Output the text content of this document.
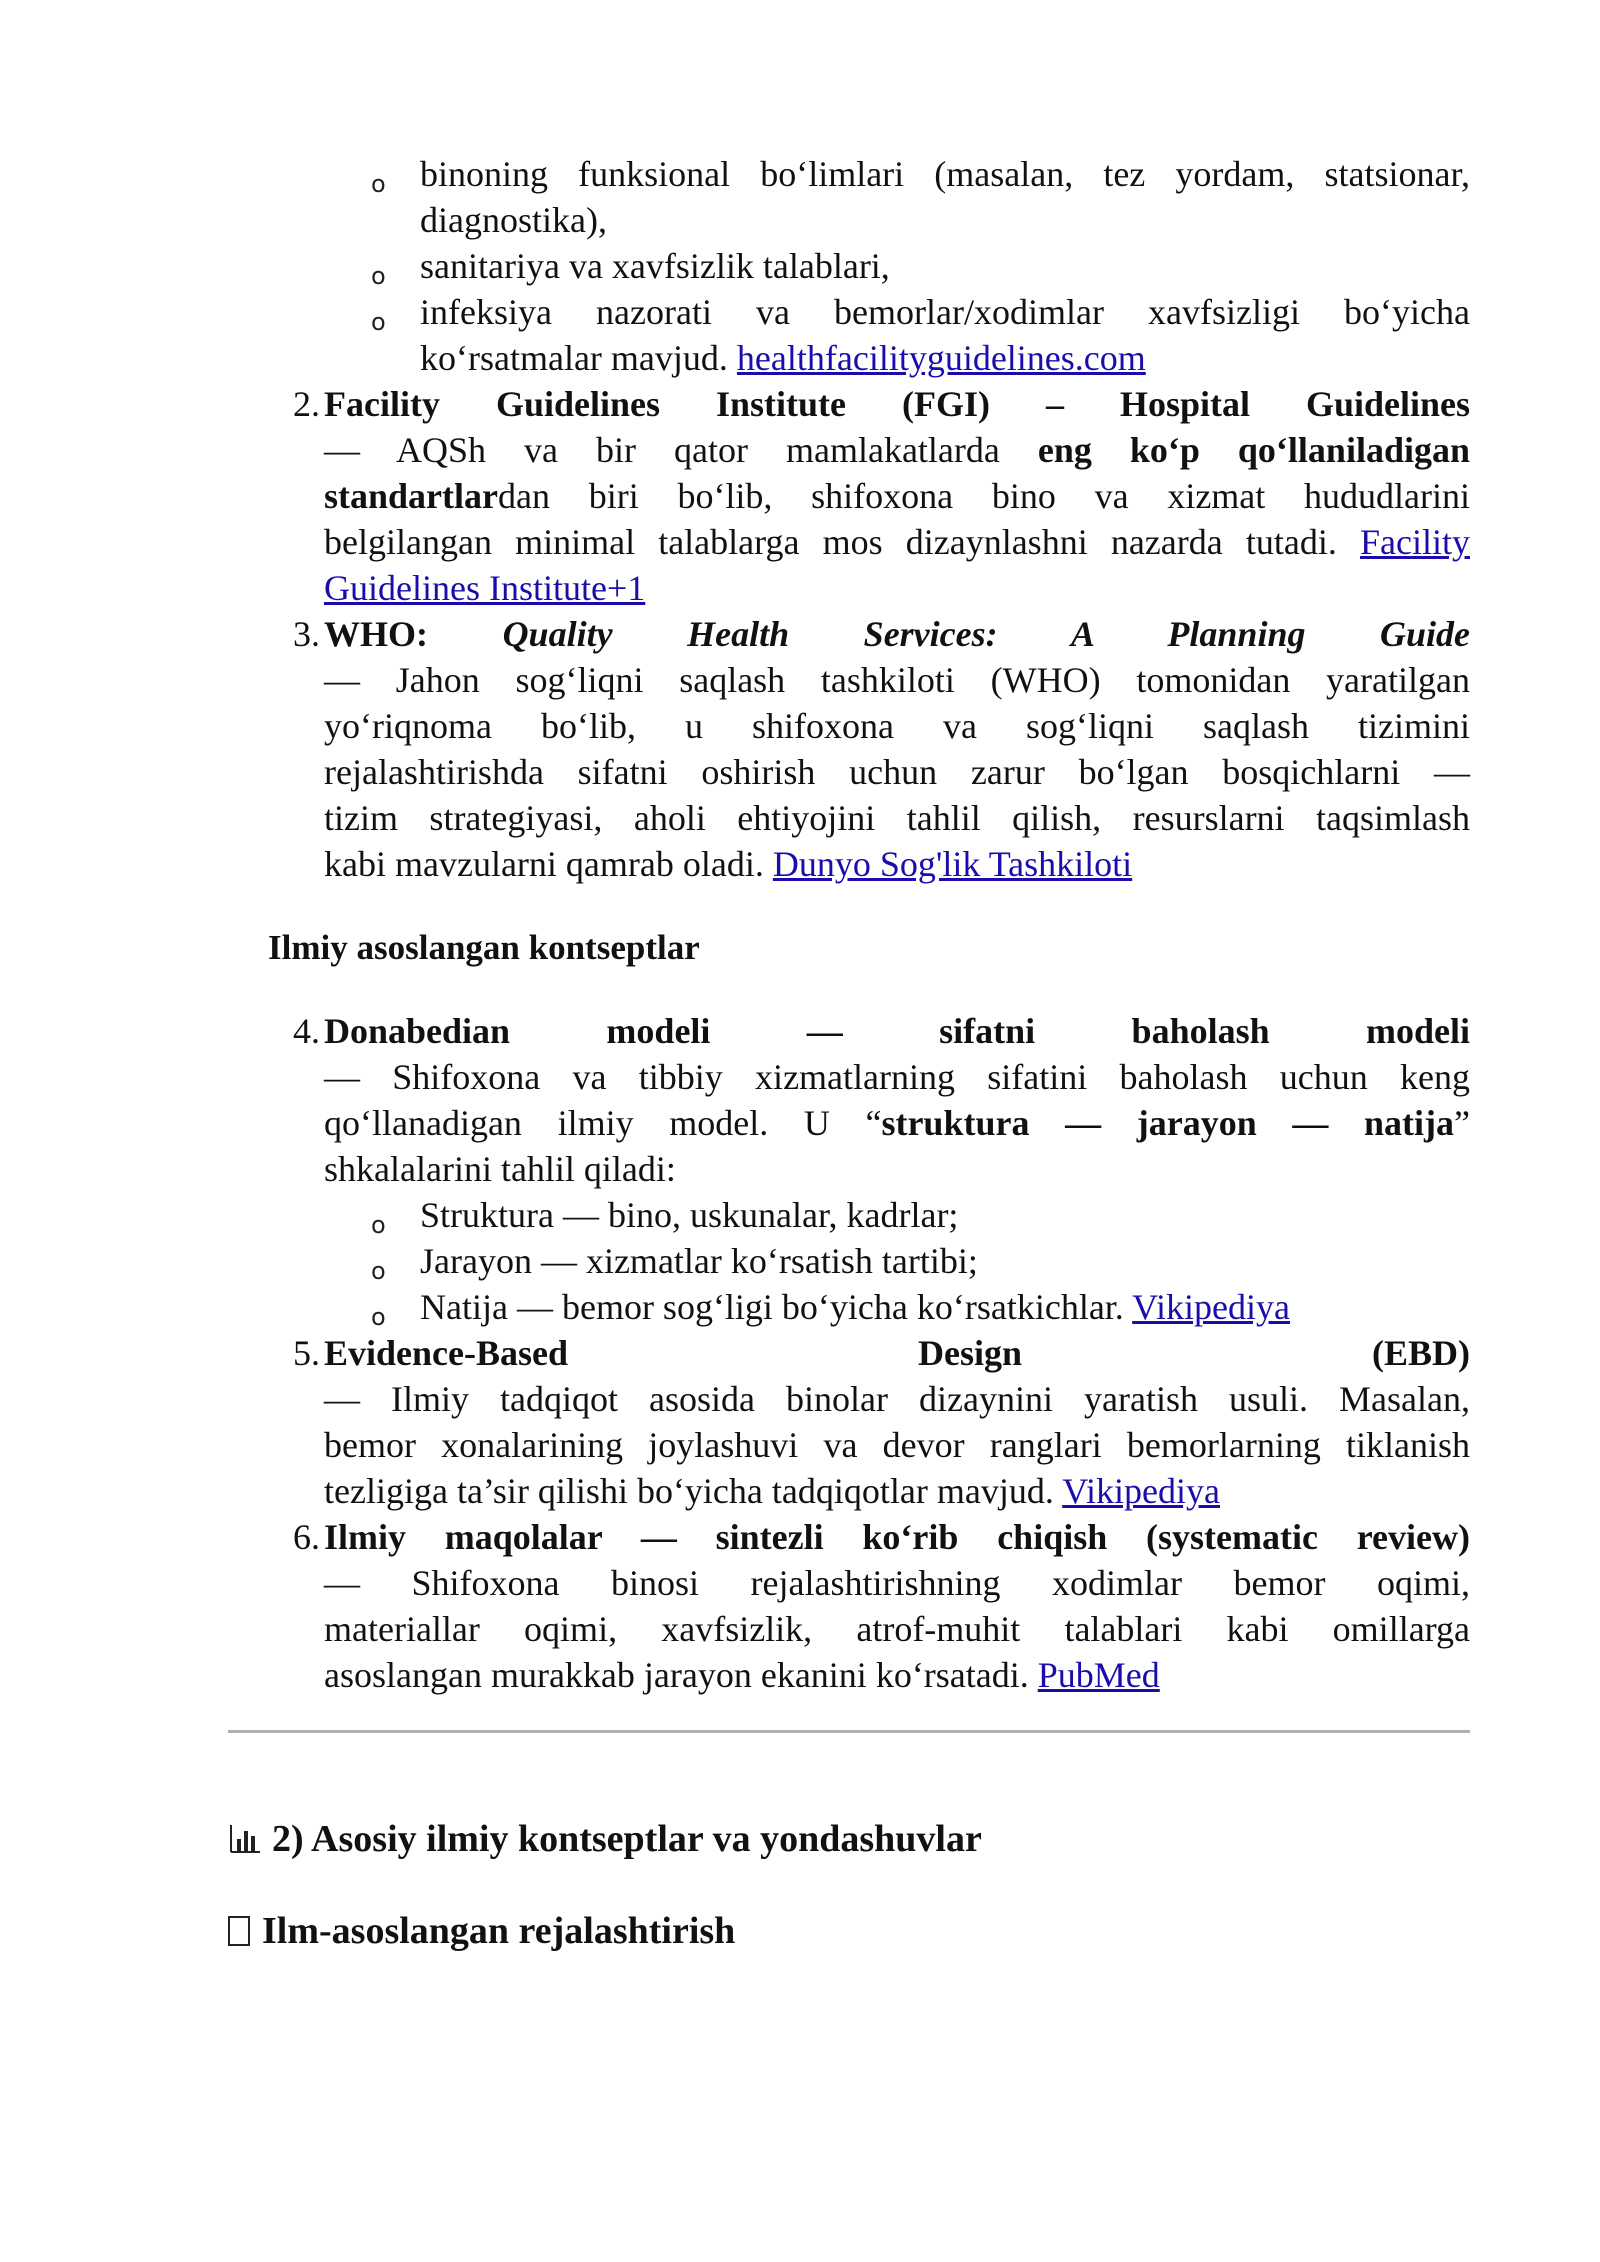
o binoning funksional bo‘limlari (masalan, tez yordam, statsionar,
diagnostika),
o sanitariya va xavfsizlik talablari,
o infeksiya nazorati va bemorlar/xodimlar xavfsizligi bo‘yicha
ko‘rsatmalar mavjud. healthfacilityguidelines.com
2. Facility Guidelines Institute (FGI) – Hospital Guidelines
— AQSh va bir qator mamlakatlarda eng ko‘p qo‘llaniladigan
standartlardan biri bo‘lib, shifoxona bino va xizmat hududlarini
belgilangan minimal talablarga mos dizaynlashni nazarda tutadi. Facility
Guidelines Institute+1
3. WHO: Quality Health Services: A Planning Guide
— Jahon sog‘liqni saqlash tashkiloti (WHO) tomonidan yaratilgan
yo‘riqnoma bo‘lib, u shifoxona va sog‘liqni saqlash tizimini
rejalashtirishda sifatni oshirish uchun zarur bo‘lgan bosqichlarni —
tizim strategiyasi, aholi ehtiyojini tahlil qilish, resurslarni taqsimlash
kabi mavzularni qamrab oladi. Dunyo Sog'lik Tashkiloti
Ilmiy asoslangan kontseptlar
4. Donabedian modeli — sifatni baholash modeli
— Shifoxona va tibbiy xizmatlarning sifatini baholash uchun keng
qo‘llanadigan ilmiy model. U “struktura — jarayon — natija”
shkalalarini tahlil qiladi:
o Struktura — bino, uskunalar, kadrlar;
o Jarayon — xizmatlar ko‘rsatish tartibi;
o Natija — bemor sog‘ligi bo‘yicha ko‘rsatkichlar. Vikipediya
5. Evidence-Based Design (EBD)
— Ilmiy tadqiqot asosida binolar dizaynini yaratish usuli. Masalan,
bemor xonalarining joylashuvi va devor ranglari bemorlarning tiklanish
tezligiga ta’sir qilishi bo‘yicha tadqiqotlar mavjud. Vikipediya
6. Ilmiy maqolalar — sintezli ko‘rib chiqish (systematic review)
— Shifoxona binosi rejalashtirishning xodimlar bemor oqimi,
materiallar oqimi, xavfsizlik, atrof-muhit talablari kabi omillarga
asoslangan murakkab jarayon ekanini ko‘rsatadi. PubMed
2) Asosiy ilmiy kontseptlar va yondashuvlar
Ilm-asoslangan rejalashtirish
